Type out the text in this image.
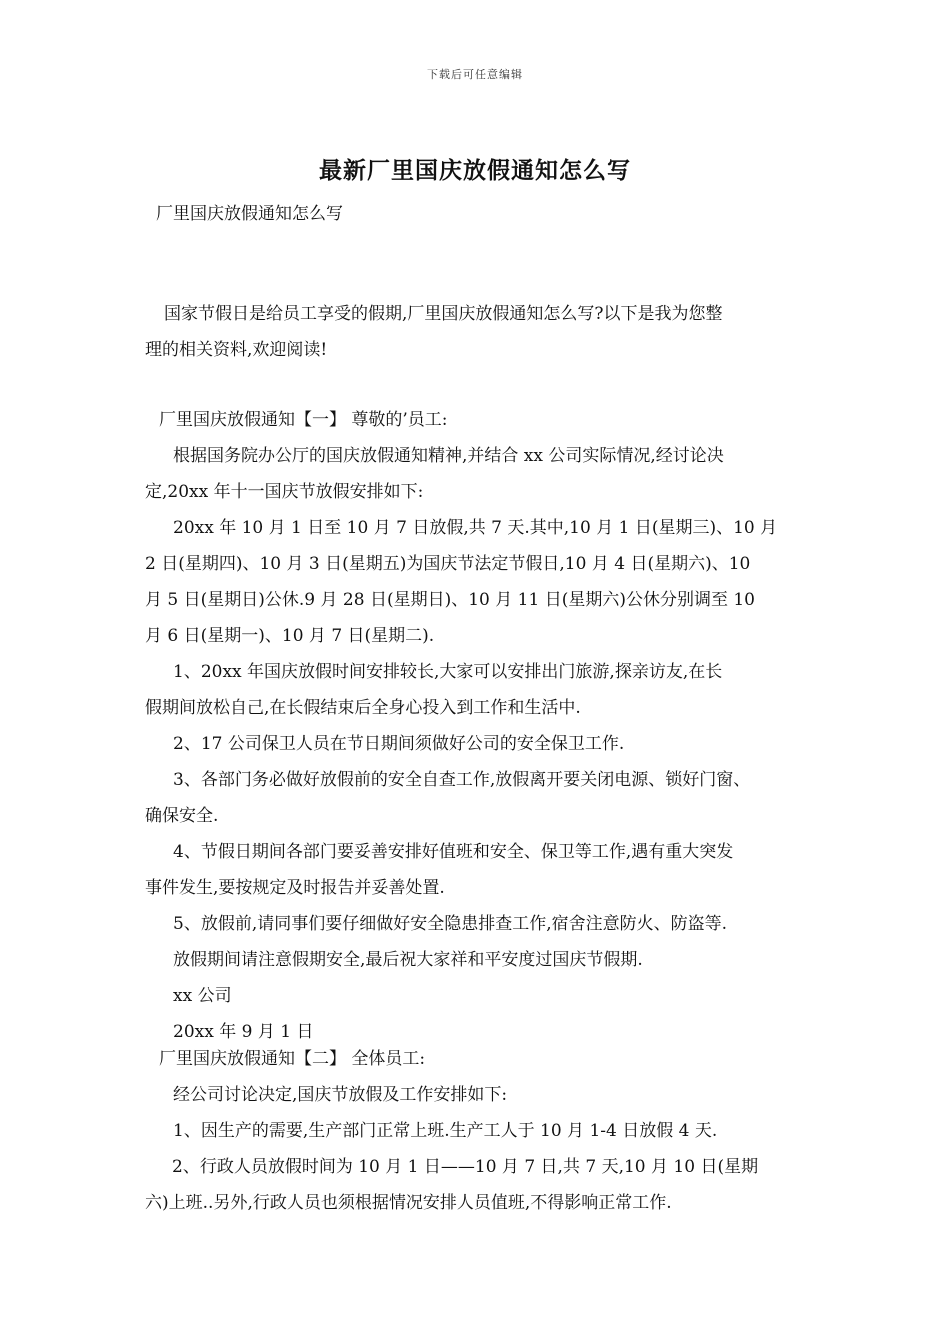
下载后可任意编辑
最新厂里国庆放假通知怎么写
厂里国庆放假通知怎么写
国家节假日是给员工享受的假期,厂里国庆放假通知怎么写?以下是我为您整
理的相关资料,欢迎阅读!
厂里国庆放假通知【一】 尊敬的’员工:
根据国务院办公厅的国庆放假通知精神,并结合 xx 公司实际情况,经讨论决
定,20xx 年十一国庆节放假安排如下:
20xx 年 10 月 1 日至 10 月 7 日放假,共 7 天.其中,10 月 1 日(星期三)、10 月
2 日(星期四)、10 月 3 日(星期五)为国庆节法定节假日,10 月 4 日(星期六)、10
月 5 日(星期日)公休.9 月 28 日(星期日)、10 月 11 日(星期六)公休分别调至 10
月 6 日(星期一)、10 月 7 日(星期二).
1、20xx 年国庆放假时间安排较长,大家可以安排出门旅游,探亲访友,在长
假期间放松自己,在长假结束后全身心投入到工作和生活中.
2、17 公司保卫人员在节日期间须做好公司的安全保卫工作.
3、各部门务必做好放假前的安全自查工作,放假离开要关闭电源、锁好门窗、
确保安全.
4、节假日期间各部门要妥善安排好值班和安全、保卫等工作,遇有重大突发
事件发生,要按规定及时报告并妥善处置.
5、放假前,请同事们要仔细做好安全隐患排查工作,宿舍注意防火、防盗等.
放假期间请注意假期安全,最后祝大家祥和平安度过国庆节假期.
xx 公司
20xx 年 9 月 1 日
厂里国庆放假通知【二】 全体员工:
经公司讨论决定,国庆节放假及工作安排如下:
1、因生产的需要,生产部门正常上班.生产工人于 10 月 1-4 日放假 4 天.
2、行政人员放假时间为 10 月 1 日——10 月 7 日,共 7 天,10 月 10 日(星期
六)上班..另外,行政人员也须根据情况安排人员值班,不得影响正常工作.
